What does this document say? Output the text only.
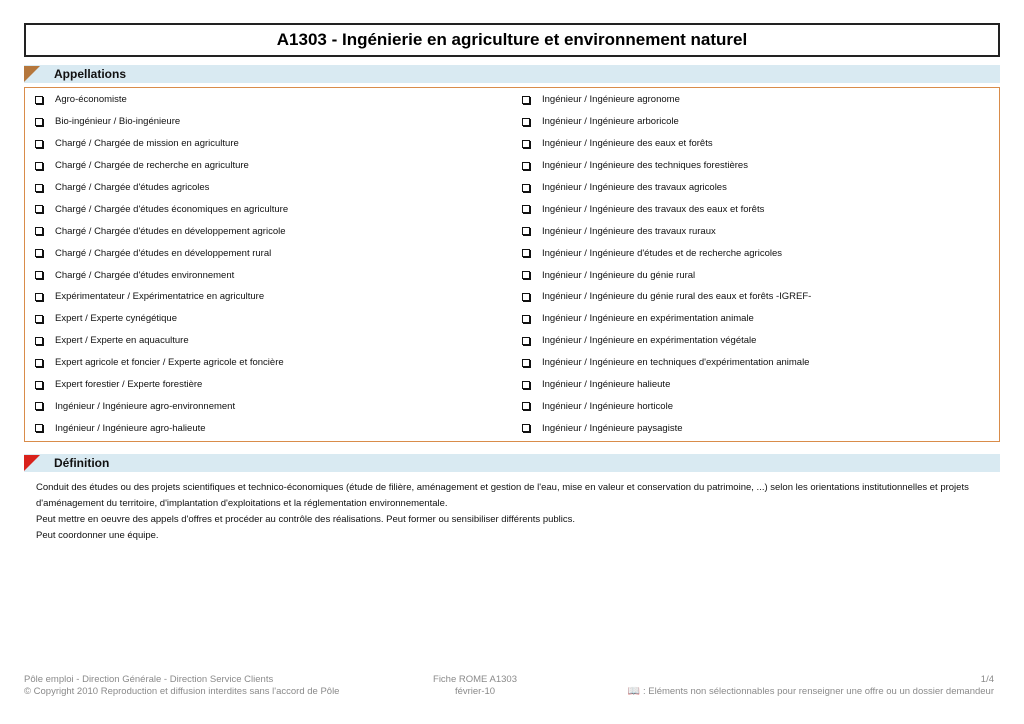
A1303 - Ingénierie en agriculture et environnement naturel
Appellations
Agro-économiste
Bio-ingénieur / Bio-ingénieure
Chargé / Chargée de mission en agriculture
Chargé / Chargée de recherche en agriculture
Chargé / Chargée d'études agricoles
Chargé / Chargée d'études économiques en agriculture
Chargé / Chargée d'études en développement agricole
Chargé / Chargée d'études en développement rural
Chargé / Chargée d'études environnement
Expérimentateur / Expérimentatrice en agriculture
Expert / Experte cynégétique
Expert / Experte en aquaculture
Expert agricole et foncier / Experte agricole et foncière
Expert forestier / Experte forestière
Ingénieur / Ingénieure agro-environnement
Ingénieur / Ingénieure agro-halieute
Ingénieur / Ingénieure agronome
Ingénieur / Ingénieure arboricole
Ingénieur / Ingénieure des eaux et forêts
Ingénieur / Ingénieure des techniques forestières
Ingénieur / Ingénieure des travaux agricoles
Ingénieur / Ingénieure des travaux des eaux et forêts
Ingénieur / Ingénieure des travaux ruraux
Ingénieur / Ingénieure d'études et de recherche agricoles
Ingénieur / Ingénieure du génie rural
Ingénieur / Ingénieure du génie rural des eaux et forêts -IGREF-
Ingénieur / Ingénieure en expérimentation animale
Ingénieur / Ingénieure en expérimentation végétale
Ingénieur / Ingénieure en techniques d'expérimentation animale
Ingénieur / Ingénieure halieute
Ingénieur / Ingénieure horticole
Ingénieur / Ingénieure paysagiste
Définition

Conduit des études ou des projets scientifiques et technico-économiques (étude de filière, aménagement et gestion de l'eau, mise en valeur et conservation du patrimoine, ...) selon les orientations institutionnelles et projets d'aménagement du territoire, d'implantation d'exploitations et la réglementation environnementale.

Peut mettre en oeuvre des appels d'offres et procéder au contrôle des réalisations. Peut former ou sensibiliser différents publics.

Peut coordonner une équipe.

Pôle emploi - Direction Générale - Direction Service Clients
© Copyright 2010 Reproduction et diffusion interdites sans l'accord de Pôle
Fiche ROME A1303
février-10
1/4
📖 : Eléments non sélectionnables pour renseigner une offre ou un dossier demandeur
